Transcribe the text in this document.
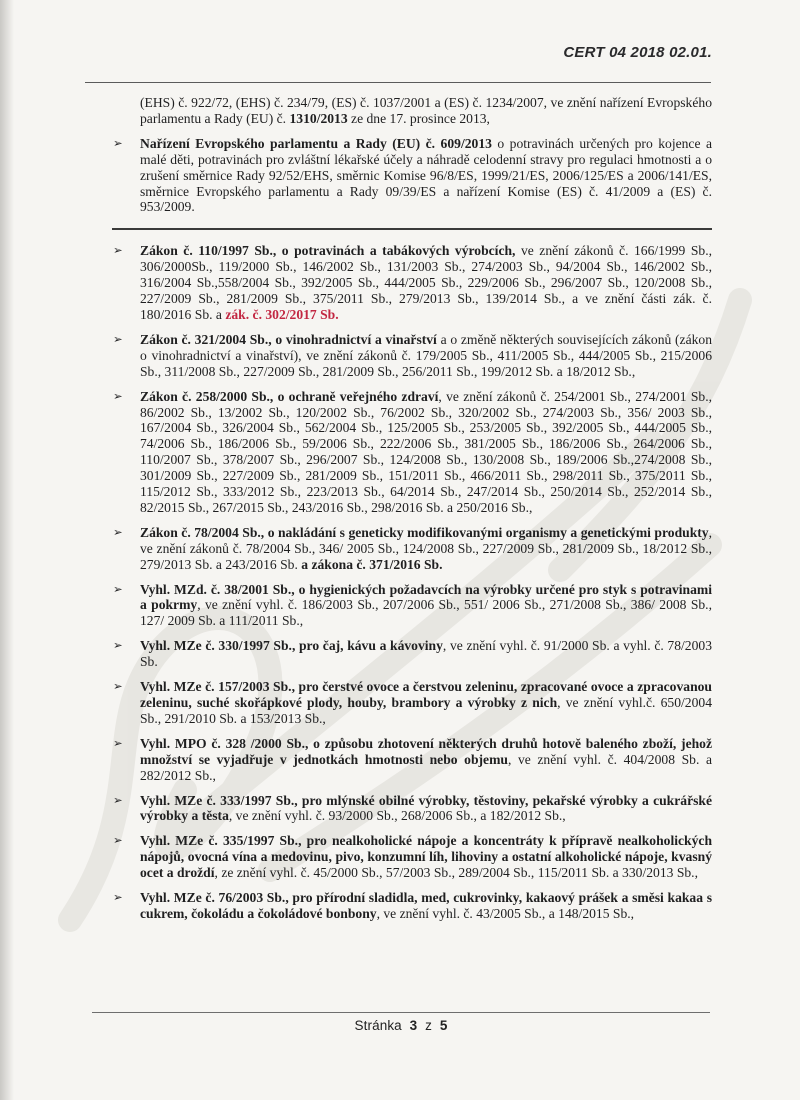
CERT 04 2018 02.01.
(EHS) č. 922/72, (EHS) č. 234/79, (ES) č. 1037/2001 a (ES) č. 1234/2007, ve znění nařízení Evropského parlamentu a Rady (EU) č. 1310/2013 ze dne 17. prosince 2013,
➢ Nařízení Evropského parlamentu a Rady (EU) č. 609/2013 o potravinách určených pro kojence a malé děti, potravinách pro zvláštní lékařské účely a náhradě celodenní stravy pro regulaci hmotnosti a o zrušení směrnice Rady 92/52/EHS, směrnic Komise 96/8/ES, 1999/21/ES, 2006/125/ES a 2006/141/ES, směrnice Evropského parlamentu a Rady 09/39/ES a nařízení Komise (ES) č. 41/2009 a (ES) č. 953/2009.
➢ Zákon č. 110/1997 Sb., o potravinách a tabákových výrobcích, ve znění zákonů č. 166/1999 Sb., 306/2000Sb., 119/2000 Sb., 146/2002 Sb., 131/2003 Sb., 274/2003 Sb., 94/2004 Sb., 146/2002 Sb., 316/2004 Sb.,558/2004 Sb., 392/2005 Sb., 444/2005 Sb., 229/2006 Sb., 296/2007 Sb., 120/2008 Sb., 227/2009 Sb., 281/2009 Sb., 375/2011 Sb., 279/2013 Sb., 139/2014 Sb., a ve znění části zák. č. 180/2016 Sb. a zák. č. 302/2017 Sb.
➢ Zákon č. 321/2004 Sb., o vinohradnictví a vinařství a o změně některých souvisejících zákonů (zákon o vinohradnictví a vinařství), ve znění zákonů č. 179/2005 Sb., 411/2005 Sb., 444/2005 Sb., 215/2006 Sb., 311/2008 Sb., 227/2009 Sb., 281/2009 Sb., 256/2011 Sb., 199/2012 Sb. a 18/2012 Sb.,
➢ Zákon č. 258/2000 Sb., o ochraně veřejného zdraví, ve znění zákonů č. 254/2001 Sb., 274/2001 Sb., 86/2002 Sb., 13/2002 Sb., 120/2002 Sb., 76/2002 Sb., 320/2002 Sb., 274/2003 Sb., 356/ 2003 Sb., 167/2004 Sb., 326/2004 Sb., 562/2004 Sb., 125/2005 Sb., 253/2005 Sb., 392/2005 Sb., 444/2005 Sb., 74/2006 Sb., 186/2006 Sb., 59/2006 Sb., 222/2006 Sb., 381/2005 Sb., 186/2006 Sb., 264/2006 Sb., 110/2007 Sb., 378/2007 Sb., 296/2007 Sb., 124/2008 Sb., 130/2008 Sb., 189/2006 Sb.,274/2008 Sb., 301/2009 Sb., 227/2009 Sb., 281/2009 Sb., 151/2011 Sb., 466/2011 Sb., 298/2011 Sb., 375/2011 Sb., 115/2012 Sb., 333/2012 Sb., 223/2013 Sb., 64/2014 Sb., 247/2014 Sb., 250/2014 Sb., 252/2014 Sb., 82/2015 Sb., 267/2015 Sb., 243/2016 Sb., 298/2016 Sb. a 250/2016 Sb.,
➢ Zákon č. 78/2004 Sb., o nakládání s geneticky modifikovanými organismy a genetickými produkty, ve znění zákonů č. 78/2004 Sb., 346/ 2005 Sb., 124/2008 Sb., 227/2009 Sb., 281/2009 Sb., 18/2012 Sb., 279/2013 Sb. a 243/2016 Sb. a zákona č. 371/2016 Sb.
➢ Vyhl. MZd. č. 38/2001 Sb., o hygienických požadavcích na výrobky určené pro styk s potravinami a pokrmy, ve znění vyhl. č. 186/2003 Sb., 207/2006 Sb., 551/ 2006 Sb., 271/2008 Sb., 386/ 2008 Sb., 127/ 2009 Sb. a 111/2011 Sb.,
➢ Vyhl. MZe č. 330/1997 Sb., pro čaj, kávu a kávoviny, ve znění vyhl. č. 91/2000 Sb. a vyhl. č. 78/2003 Sb.
➢ Vyhl. MZe č. 157/2003 Sb., pro čerstvé ovoce a čerstvou zeleninu, zpracované ovoce a zpracovanou zeleninu, suché skořápkové plody, houby, brambory a výrobky z nich, ve znění vyhl.č. 650/2004 Sb., 291/2010 Sb. a 153/2013 Sb.,
➢ Vyhl. MPO č. 328 /2000 Sb., o způsobu zhotovení některých druhů hotově baleného zboží, jehož množství se vyjadřuje v jednotkách hmotnosti nebo objemu, ve znění vyhl. č. 404/2008 Sb. a 282/2012 Sb.,
➢ Vyhl. MZe č. 333/1997 Sb., pro mlýnské obilné výrobky, těstoviny, pekařské výrobky a cukrářské výrobky a těsta, ve znění vyhl. č. 93/2000 Sb., 268/2006 Sb., a 182/2012 Sb.,
➢ Vyhl. MZe č. 335/1997 Sb., pro nealkoholické nápoje a koncentráty k přípravě nealkoholických nápojů, ovocná vína a medovinu, pivo, konzumní líh, lihoviny a ostatní alkoholické nápoje, kvasný ocet a droždí, ze znění vyhl. č. 45/2000 Sb., 57/2003 Sb., 289/2004 Sb., 115/2011 Sb. a 330/2013 Sb.,
➢ Vyhl. MZe č. 76/2003 Sb., pro přírodní sladidla, med, cukrovinky, kakaový prášek a směsi kakaa s cukrem, čokoládu a čokoládové bonbony, ve znění vyhl. č. 43/2005 Sb., a 148/2015 Sb.,
Stránka 3 z 5
